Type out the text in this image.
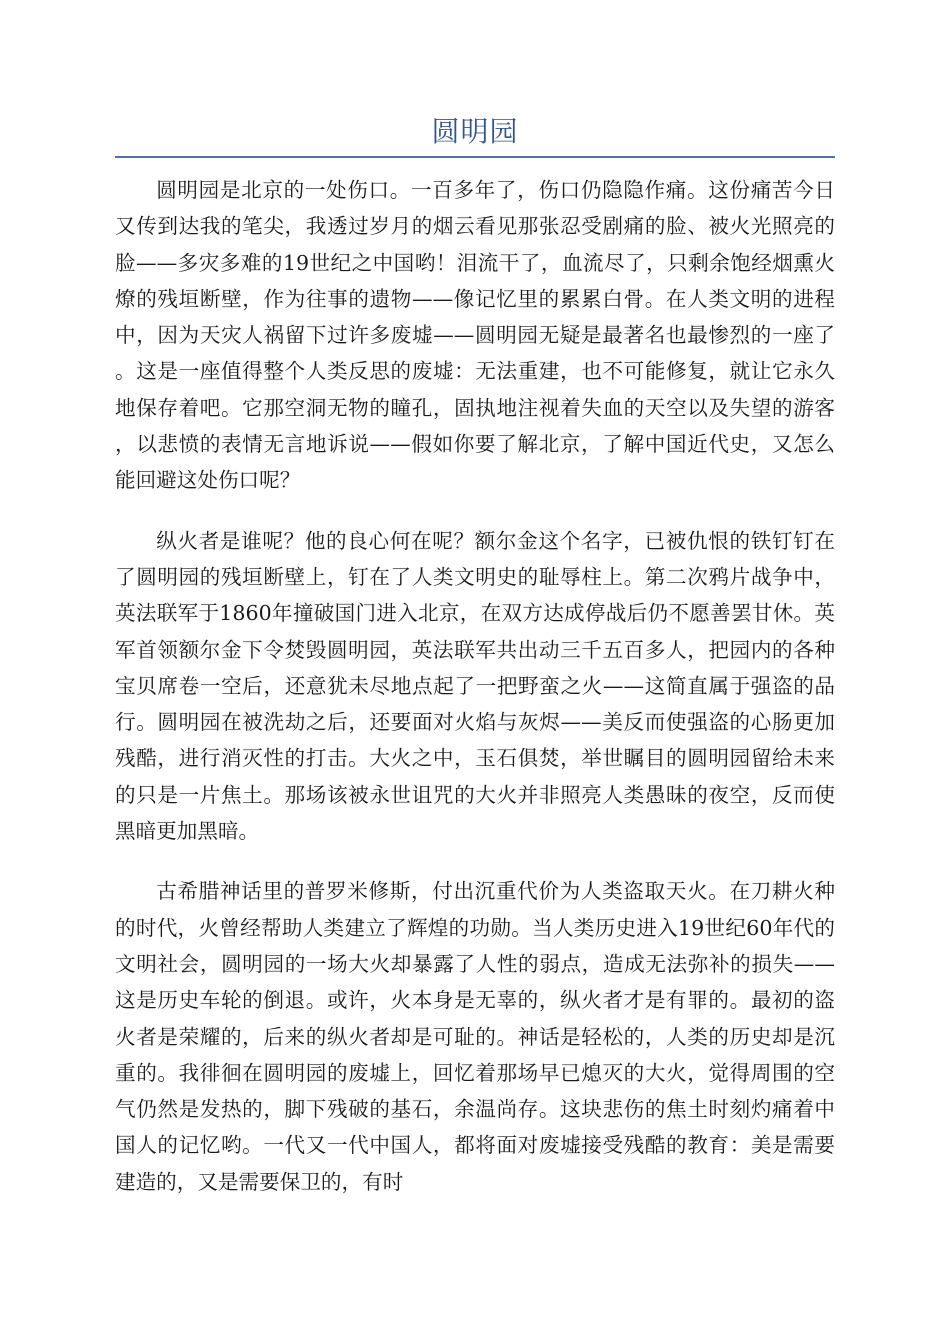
圆明园

圆明园是北京的一处伤口。一百多年了，伤口仍隐隐作痛。这份痛苦今日又传到达我的笔尖，我透过岁月的烟云看见那张忍受剧痛的脸、被火光照亮的脸——多灾多难的19世纪之中国哟！泪流干了，血流尽了，只剩余饱经烟熏火燎的残垣断壁，作为往事的遗物——像记忆里的累累白骨。在人类文明的进程中，因为天灾人祸留下过许多废墟——圆明园无疑是最著名也最惨烈的一座了。这是一座值得整个人类反思的废墟：无法重建，也不可能修复，就让它永久地保存着吧。它那空洞无物的瞳孔，固执地注视着失血的天空以及失望的游客，以悲愤的表情无言地诉说——假如你要了解北京，了解中国近代史，又怎么能回避这处伤口呢？

纵火者是谁呢？他的良心何在呢？额尔金这个名字，已被仇恨的铁钉钉在了圆明园的残垣断壁上，钉在了人类文明史的耻辱柱上。第二次鸦片战争中，英法联军于1860年撞破国门进入北京，在双方达成停战后仍不愿善罢甘休。英军首领额尔金下令焚毁圆明园，英法联军共出动三千五百多人，把园内的各种宝贝席卷一空后，还意犹未尽地点起了一把野蛮之火——这简直属于强盗的品行。圆明园在被洗劫之后，还要面对火焰与灰烬——美反而使强盗的心肠更加残酷，进行消灭性的打击。大火之中，玉石俱焚，举世瞩目的圆明园留给未来的只是一片焦土。那场该被永世诅咒的大火并非照亮人类愚昧的夜空，反而使黑暗更加黑暗。

古希腊神话里的普罗米修斯，付出沉重代价为人类盗取天火。在刀耕火种的时代，火曾经帮助人类建立了辉煌的功勋。当人类历史进入19世纪60年代的文明社会，圆明园的一场大火却暴露了人性的弱点，造成无法弥补的损失——这是历史车轮的倒退。或许，火本身是无辜的，纵火者才是有罪的。最初的盗火者是荣耀的，后来的纵火者却是可耻的。神话是轻松的，人类的历史却是沉重的。我徘徊在圆明园的废墟上，回忆着那场早已熄灭的大火，觉得周围的空气仍然是发热的，脚下残破的基石，余温尚存。这块悲伤的焦土时刻灼痛着中国人的记忆哟。一代又一代中国人，都将面对废墟接受残酷的教育：美是需要建造的，又是需要保卫的，有时
